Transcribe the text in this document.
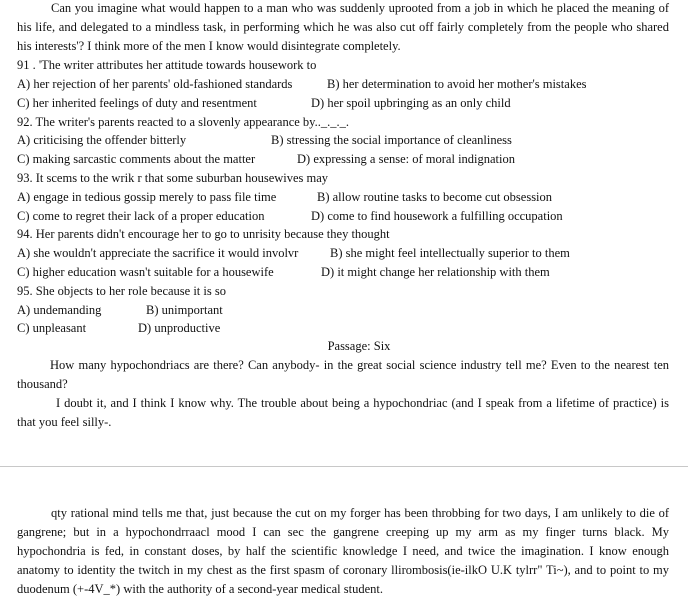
Can you imagine what would happen to a man who was suddenly uprooted from a job in which he placed the meaning of
his life, and delegated to a mindless task, in performing which he was also cut off fairly completely from the people who shared
his interests'? I think more of the men I know would disintegrate completely.
91 . 'The writer attributes her attitude towards housework to
A) her rejection of her parents' old-fashioned standards	B) her determination to avoid her mother's mistakes
C) her inherited feelings of duty and resentment	D) her spoil upbringing as an only child
92. The writer's parents reacted to a slovenly appearance by.._._._.
A) criticising the offender bitterly	B) stressing the social importance of cleanliness
C) making sarcastic comments about the matter	D) expressing a sense: of moral indignation
93. It scems to the wrik r that some suburban housewives may
A) engage in tedious gossip merely to pass file time	B) allow routine tasks to become cut obsession
C) come to regret their lack of a proper education	D) come to find housework a fulfilling occupation
94. Her parents didn't encourage her to go to unrisity because they thought
A) she wouldn't appreciate the sacrifice it would involvr	B) she might feel intellectually superior to them
C) higher education wasn't suitable for a housewife	D) it might change her relationship with them
95. She objects to her role because it is so
A) undemanding	B) unimportant
C) unpleasant	D) unproductive
Passage: Six
How many hypochondriacs are there? Can anybody- in the great social science industry tell me? Even to the nearest ten
thousand?
I doubt it, and I think I know why. The trouble about being a hypochondriac (and I speak from a lifetime of practice) is
that you feel silly-.
qty rational mind tells me that, just because the cut on my forger has been throbbing for two days, I am unlikely to die of
gangrene; but in a hypochondrraacl mood I can sec the gangrene creeping up my arm as my finger turns black. My
hypochondria is fed, in constant doses, by half the scientific knowledge I need, and twice the imagination. I know enough
anatomy to identity the twitch in my chest as the first spasm of coronary llirombosis(ie-ilkO U.K tylrr" Ti~), and to point to my
duodenum (+-4V_*) with the authority of a second-year medical student.
